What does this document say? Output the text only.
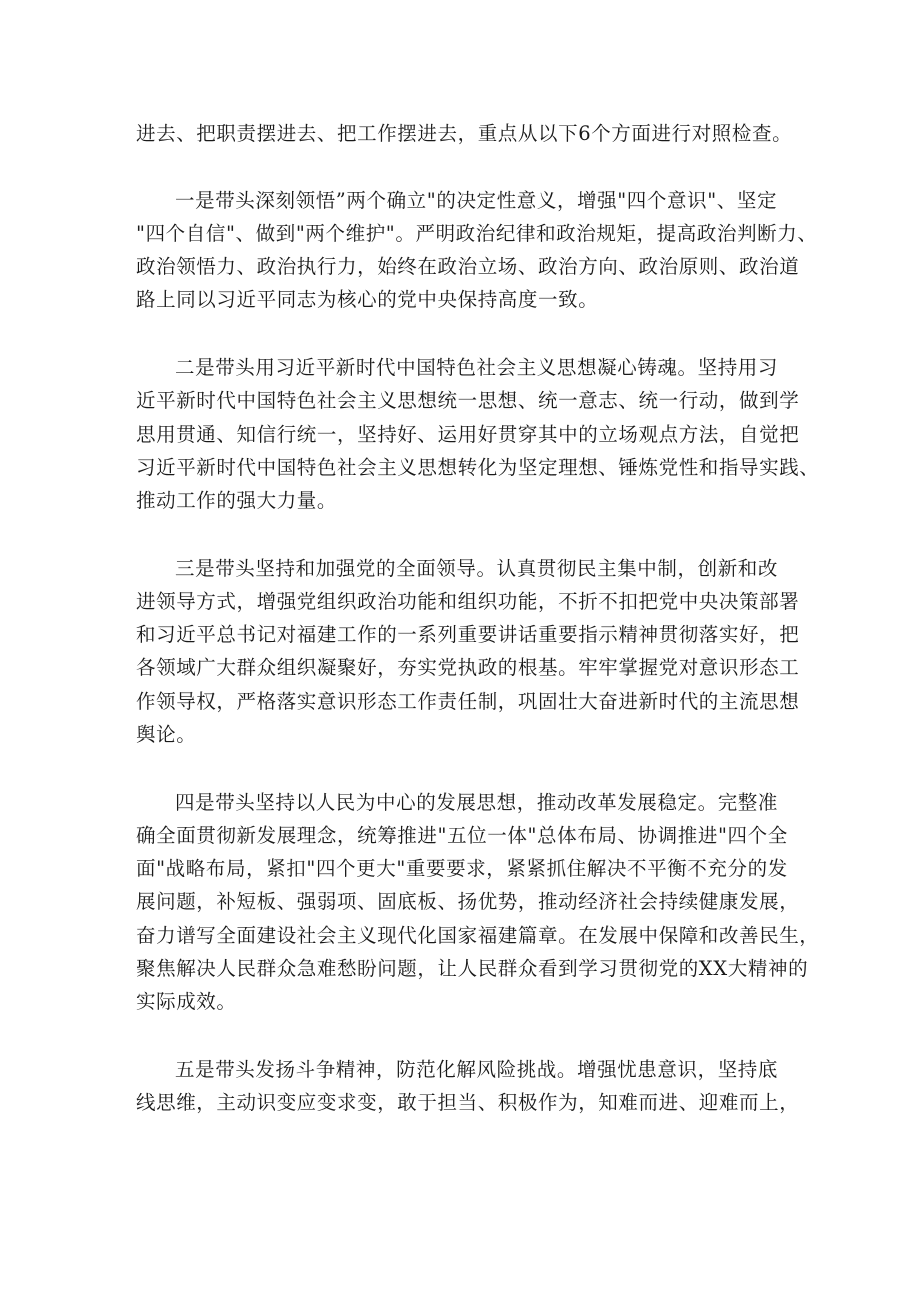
进去、把职责摆进去、把工作摆进去，重点从以下6个方面进行对照检查。

一是带头深刻领悟”两个确立"的决定性意义，增强"四个意识"、坚定

"四个自信"、做到"两个维护"。严明政治纪律和政治规矩，提高政治判断力、

政治领悟力、政治执行力，始终在政治立场、政治方向、政治原则、政治道

路上同以习近平同志为核心的党中央保持高度一致。

二是带头用习近平新时代中国特色社会主义思想凝心铸魂。坚持用习

近平新时代中国特色社会主义思想统一思想、统一意志、统一行动，做到学

思用贯通、知信行统一，坚持好、运用好贯穿其中的立场观点方法，自觉把

习近平新时代中国特色社会主义思想转化为坚定理想、锤炼党性和指导实践、

推动工作的强大力量。

三是带头坚持和加强党的全面领导。认真贯彻民主集中制，创新和改

进领导方式，增强党组织政治功能和组织功能，不折不扣把党中央决策部署

和习近平总书记对福建工作的一系列重要讲话重要指示精神贯彻落实好，把

各领域广大群众组织凝聚好，夯实党执政的根基。牢牢掌握党对意识形态工

作领导权，严格落实意识形态工作责任制，巩固壮大奋进新时代的主流思想

舆论。

四是带头坚持以人民为中心的发展思想，推动改革发展稳定。完整准

确全面贯彻新发展理念，统筹推进"五位一体"总体布局、协调推进"四个全

面"战略布局，紧扣"四个更大"重要要求，紧紧抓住解决不平衡不充分的发

展问题，补短板、强弱项、固底板、扬优势，推动经济社会持续健康发展，

奋力谱写全面建设社会主义现代化国家福建篇章。在发展中保障和改善民生，

聚焦解决人民群众急难愁盼问题，让人民群众看到学习贯彻党的XX大精神的

实际成效。

五是带头发扬斗争精神，防范化解风险挑战。增强忧患意识，坚持底

线思维，主动识变应变求变，敢于担当、积极作为，知难而进、迎难而上，
